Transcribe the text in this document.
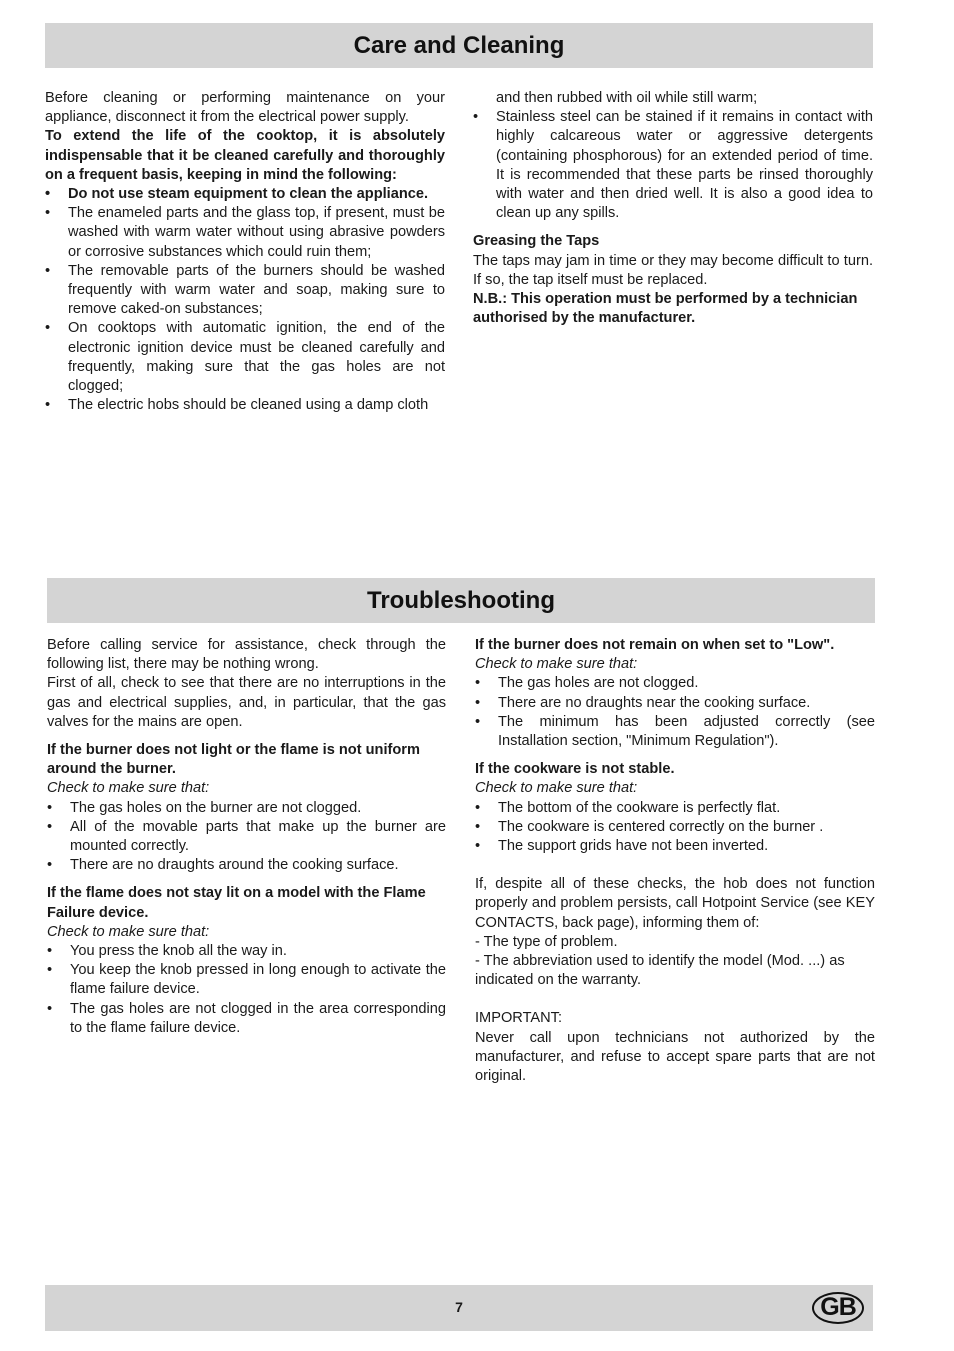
Care and Cleaning

Before cleaning or performing maintenance on your appliance, disconnect it from the electrical power supply.

To extend the life of the cooktop, it is absolutely indispensable that it be cleaned carefully and thoroughly on a frequent basis, keeping in mind the following:

• Do not use steam equipment to clean the appliance.
• The enameled parts and the glass top, if present, must be washed with warm water without using abrasive powders or corrosive substances which could ruin them;
• The removable parts of the burners should be washed frequently with warm water and soap, making sure to remove caked-on substances;
• On cooktops with automatic ignition, the end of the electronic ignition device must be cleaned carefully and frequently, making sure that the gas holes are not clogged;
• The electric hobs should be cleaned using a damp cloth

and then rubbed with oil while still warm;

• Stainless steel can be stained if it remains in contact with highly calcareous water or aggressive detergents (containing phosphorous) for an extended period of time. It is recommended that these parts be rinsed thoroughly with water and then dried well. It is also a good idea to clean up any spills.

Greasing the Taps

The taps may jam in time or they may become difficult to turn. If so, the tap itself must be replaced.

N.B.: This operation must be performed by a technician authorised by the manufacturer.

Troubleshooting

Before calling service for assistance, check through the following list, there may be nothing wrong.

First of all, check to see that there are no interruptions in the gas and electrical supplies, and, in particular, that the gas valves for the mains are open.

If the burner does not light or the flame is not uniform around the burner.

Check to make sure that:

• The gas holes on the burner are not clogged.
• All of the movable parts that make up the burner are mounted correctly.
• There are no draughts around the cooking surface.

If the flame does not stay lit on a model with the Flame Failure device.

Check to make sure that:

• You press the knob all the way in.
• You keep the knob pressed in long enough to activate the flame failure device.
• The gas holes are not clogged in the area corresponding to the flame failure device.

If the burner does not remain on when set to "Low".

Check to make sure that:

• The gas holes are not clogged.
• There are no draughts near the cooking surface.
• The minimum has been adjusted correctly (see Installation section, "Minimum Regulation").

If the cookware is not stable.

Check to make sure that:

• The bottom of the cookware is perfectly flat.
• The cookware is centered correctly on the burner .
• The support grids have not been inverted.

If, despite all of these checks, the hob does not function properly and problem persists, call Hotpoint Service (see KEY CONTACTS, back page), informing them of:

- The type of problem.

- The abbreviation used to identify the model (Mod. ...) as indicated on the warranty.

IMPORTANT:

Never call upon technicians not authorized by the manufacturer, and refuse to accept spare parts that are not original.

7	GB
